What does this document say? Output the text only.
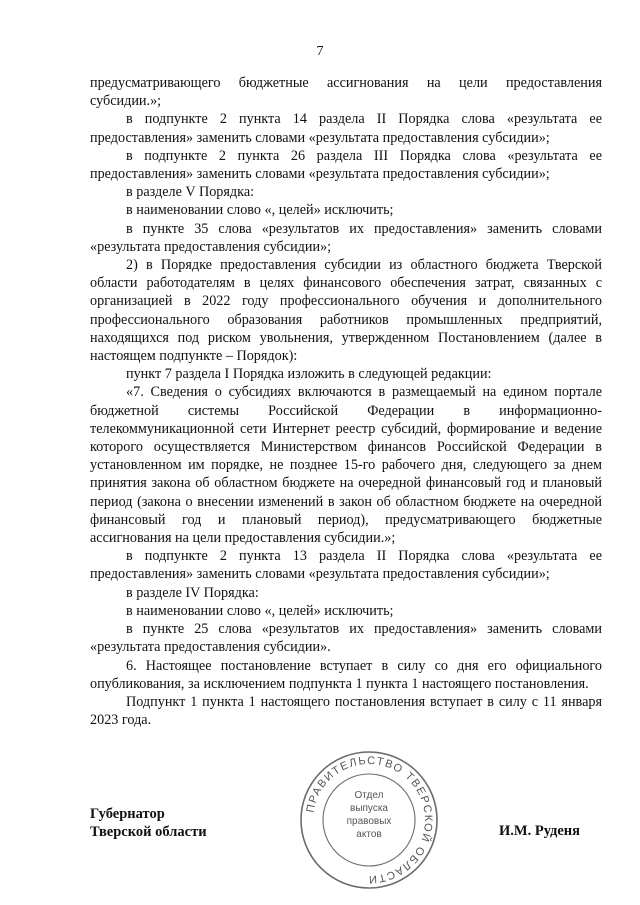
7

предусматривающего бюджетные ассигнования на цели предоставления субсидии.»;

в подпункте 2 пункта 14 раздела II Порядка слова «результата ее предоставления» заменить словами «результата предоставления субсидии»;

в подпункте 2 пункта 26 раздела III Порядка слова «результата ее предоставления» заменить словами «результата предоставления субсидии»;

в разделе V Порядка:

в наименовании слово «, целей» исключить;

в пункте 35 слова «результатов их предоставления» заменить словами «результата предоставления субсидии»;

2) в Порядке предоставления субсидии из областного бюджета Тверской области работодателям в целях финансового обеспечения затрат, связанных с организацией в 2022 году профессионального обучения и дополнительного профессионального образования работников промышленных предприятий, находящихся под риском увольнения, утвержденном Постановлением (далее в настоящем подпункте – Порядок):

пункт 7 раздела I Порядка изложить в следующей редакции:

«7. Сведения о субсидиях включаются в размещаемый на едином портале бюджетной системы Российской Федерации в информационно-телекоммуникационной сети Интернет реестр субсидий, формирование и ведение которого осуществляется Министерством финансов Российской Федерации в установленном им порядке, не позднее 15-го рабочего дня, следующего за днем принятия закона об областном бюджете на очередной финансовый год и плановый период (закона о внесении изменений в закон об областном бюджете на очередной финансовый год и плановый период), предусматривающего бюджетные ассигнования на цели предоставления субсидии.»;

в подпункте 2 пункта 13 раздела II Порядка слова «результата ее предоставления» заменить словами «результата предоставления субсидии»;

в разделе IV Порядка:

в наименовании слово «, целей» исключить;

в пункте 25 слова «результатов их предоставления» заменить словами «результата предоставления субсидии».

6. Настоящее постановление вступает в силу со дня его официального опубликования, за исключением подпункта 1 пункта 1 настоящего постановления.

Подпункт 1 пункта 1 настоящего постановления вступает в силу с 11 января 2023 года.

Губернатор
Тверской области
ПРАВИТЕЛЬСТВО ТВЕРСКОЙ ОБЛАСТИ
Отдел
выпуска
правовых
актов	И.М. Руденя
